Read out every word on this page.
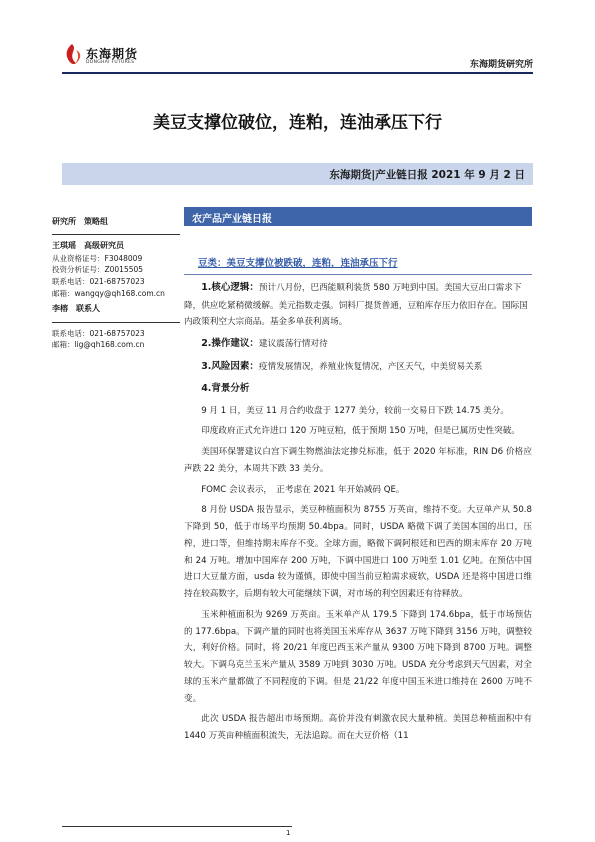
东海期货
DONGHAI FUTURES	东海期货研究所
美豆支撑位破位，连粕，连油承压下行
东海期货|产业链日报 2021 年 9 月 2 日
研究所　策略组
王琪瑶　高级研究员
从业资格证号：F3048009
投资分析证号：Z0015505
联系电话：021-68757023
邮箱：wangqy@qh168.com.cn
李榕　联系人
联系电话：021-68757023
邮箱：lig@qh168.com.cn
农产品产业链日报
豆类：美豆支撑位被跌破，连粕，连油承压下行
1.核心逻辑：预计八月份，巴西能顺利装货 580 万吨到中国。美国大豆出口需求下降，供应吃紧稍微缓解。美元指数走强。饲料厂提货普通，豆粕库存压力依旧存在。国际国内政策利空大宗商品。基金多单获利离场。
2.操作建议：建议震荡行情对待
3.风险因素：疫情发展情况，养殖业恢复情况，产区天气，中美贸易关系
4.背景分析

9 月 1 日，美豆 11 月合约收盘于 1277 美分，较前一交易日下跌 14.75 美分。

印度政府正式允许进口 120 万吨豆粕，低于预期 150 万吨，但是已属历史性突破。

美国环保署建议白宫下调生物燃油法定掺兑标准，低于 2020 年标准，RIN D6 价格应声跌 22 美分，本周共下跌 33 美分。

FOMC 会议表示，　正考虑在 2021 年开始减码 QE。

8 月份 USDA 报告显示，美豆种植面积为 8755 万英亩，维持不变。大豆单产从 50.8 下降到 50，低于市场平均预期 50.4bpa。同时，USDA 略微下调了美国本国的出口，压榨，进口等，但维持期末库存不变。全球方面，略微下调阿根廷和巴西的期末库存 20 万吨和 24 万吨。增加中国库存 200 万吨，下调中国进口 100 万吨至 1.01 亿吨。在预估中国进口大豆量方面，usda 较为谨慎，即使中国当前豆粕需求疲软，USDA 还是将中国进口维持在较高数字，后期有较大可能继续下调，对市场的利空因素还有待释放。

玉米种植面积为 9269 万英亩。玉米单产从 179.5 下降到 174.6bpa，低于市场预估的 177.6bpa。下调产量的同时也将美国玉米库存从 3637 万吨下降到 3156 万吨，调整较大，利好价格。同时，将 20/21 年度巴西玉米产量从 9300 万吨下降到 8700 万吨。调整较大。下调乌克兰玉米产量从 3589 万吨到 3030 万吨。USDA 充分考虑到天气因素，对全球的玉米产量都做了不同程度的下调。但是 21/22 年度中国玉米进口维持在 2600 万吨不变。

此次 USDA 报告超出市场预期。高价并没有刺激农民大量种植。美国总种植面积中有 1440 万英亩种植面积流失，无法追踪。而在大豆价格（11

1
